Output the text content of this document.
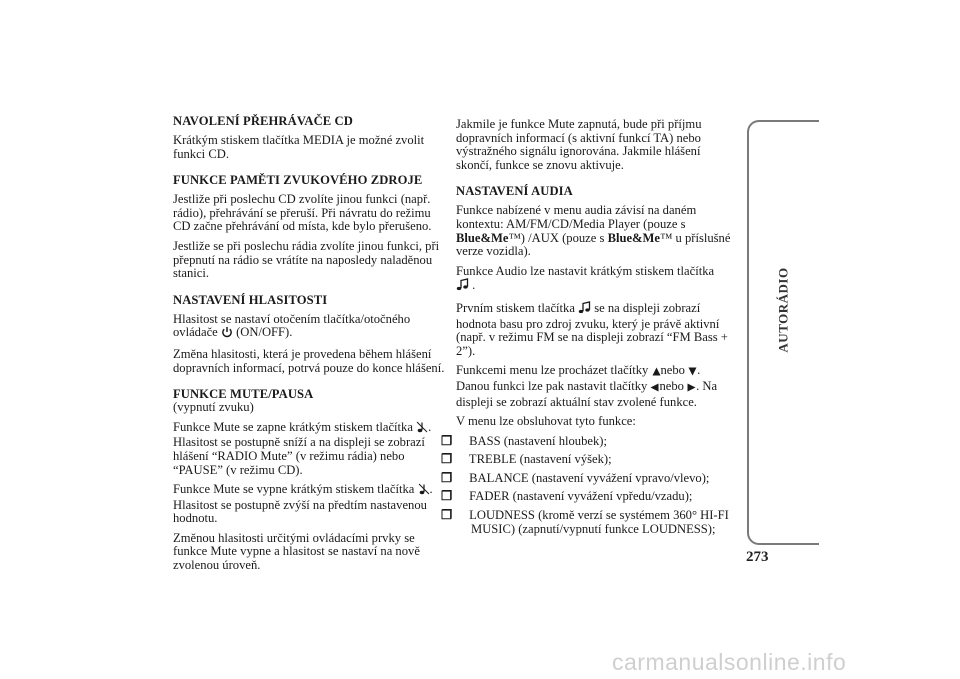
NAVOLENÍ PŘEHRÁVAČE CD

Krátkým stiskem tlačítka MEDIA je možné zvolit funkci CD.

FUNKCE PAMĚTI ZVUKOVÉHO ZDROJE

Jestliže při poslechu CD zvolíte jinou funkci (např. rádio), přehrávání se přeruší. Při návratu do režimu CD začne přehrávání od místa, kde bylo přerušeno.

Jestliže se při poslechu rádia zvolíte jinou funkci, při přepnutí na rádio se vrátíte na naposledy naladěnou stanici.

NASTAVENÍ HLASITOSTI

Hlasitost se nastaví otočením tlačítka/otočného ovládače (ON/OFF).

Změna hlasitosti, která je provedena během hlášení dopravních informací, potrvá pouze do konce hlášení.

FUNKCE MUTE/PAUSA

(vypnutí zvuku)

Funkce Mute se zapne krátkým stiskem tlačítka . Hlasitost se postupně sníží a na displeji se zobrazí hlášení “RADIO Mute” (v režimu rádia) nebo “PAUSE” (v režimu CD).

Funkce Mute se vypne krátkým stiskem tlačítka . Hlasitost se postupně zvýší na předtím nastavenou hodnotu.

Změnou hlasitosti určitými ovládacími prvky se funkce Mute vypne a hlasitost se nastaví na nově zvolenou úroveň.

Jakmile je funkce Mute zapnutá, bude při příjmu dopravních informací (s aktivní funkcí TA) nebo výstražného signálu ignorována. Jakmile hlášení skončí, funkce se znovu aktivuje.

NASTAVENÍ AUDIA

Funkce nabízené v menu audia závisí na daném kontextu: AM/FM/CD/Media Player (pouze s Blue&Me™) /AUX (pouze s Blue&Me™ u příslušné verze vozidla).

Funkce Audio lze nastavit krátkým stiskem tlačítka
.

Prvním stiskem tlačítka se na displeji zobrazí hodnota basu pro zdroj zvuku, který je právě aktivní (např. v režimu FM se na displeji zobrazí “FM Bass + 2”).

Funkcemi menu lze procházet tlačítky nebo . Danou funkci lze pak nastavit tlačítky nebo . Na displeji se zobrazí aktuální stav zvolené funkce.

V menu lze obsluhovat tyto funkce:

❒ BASS (nastavení hloubek);
❒ TREBLE (nastavení výšek);
❒ BALANCE (nastavení vyvážení vpravo/vlevo);
❒ FADER (nastavení vyvážení vpředu/vzadu);
❒ LOUDNESS (kromě verzí se systémem 360° HI-FI MUSIC) (zapnutí/vypnutí funkce LOUDNESS);
AUTORÁDIO
273
carmanualsonline.info
